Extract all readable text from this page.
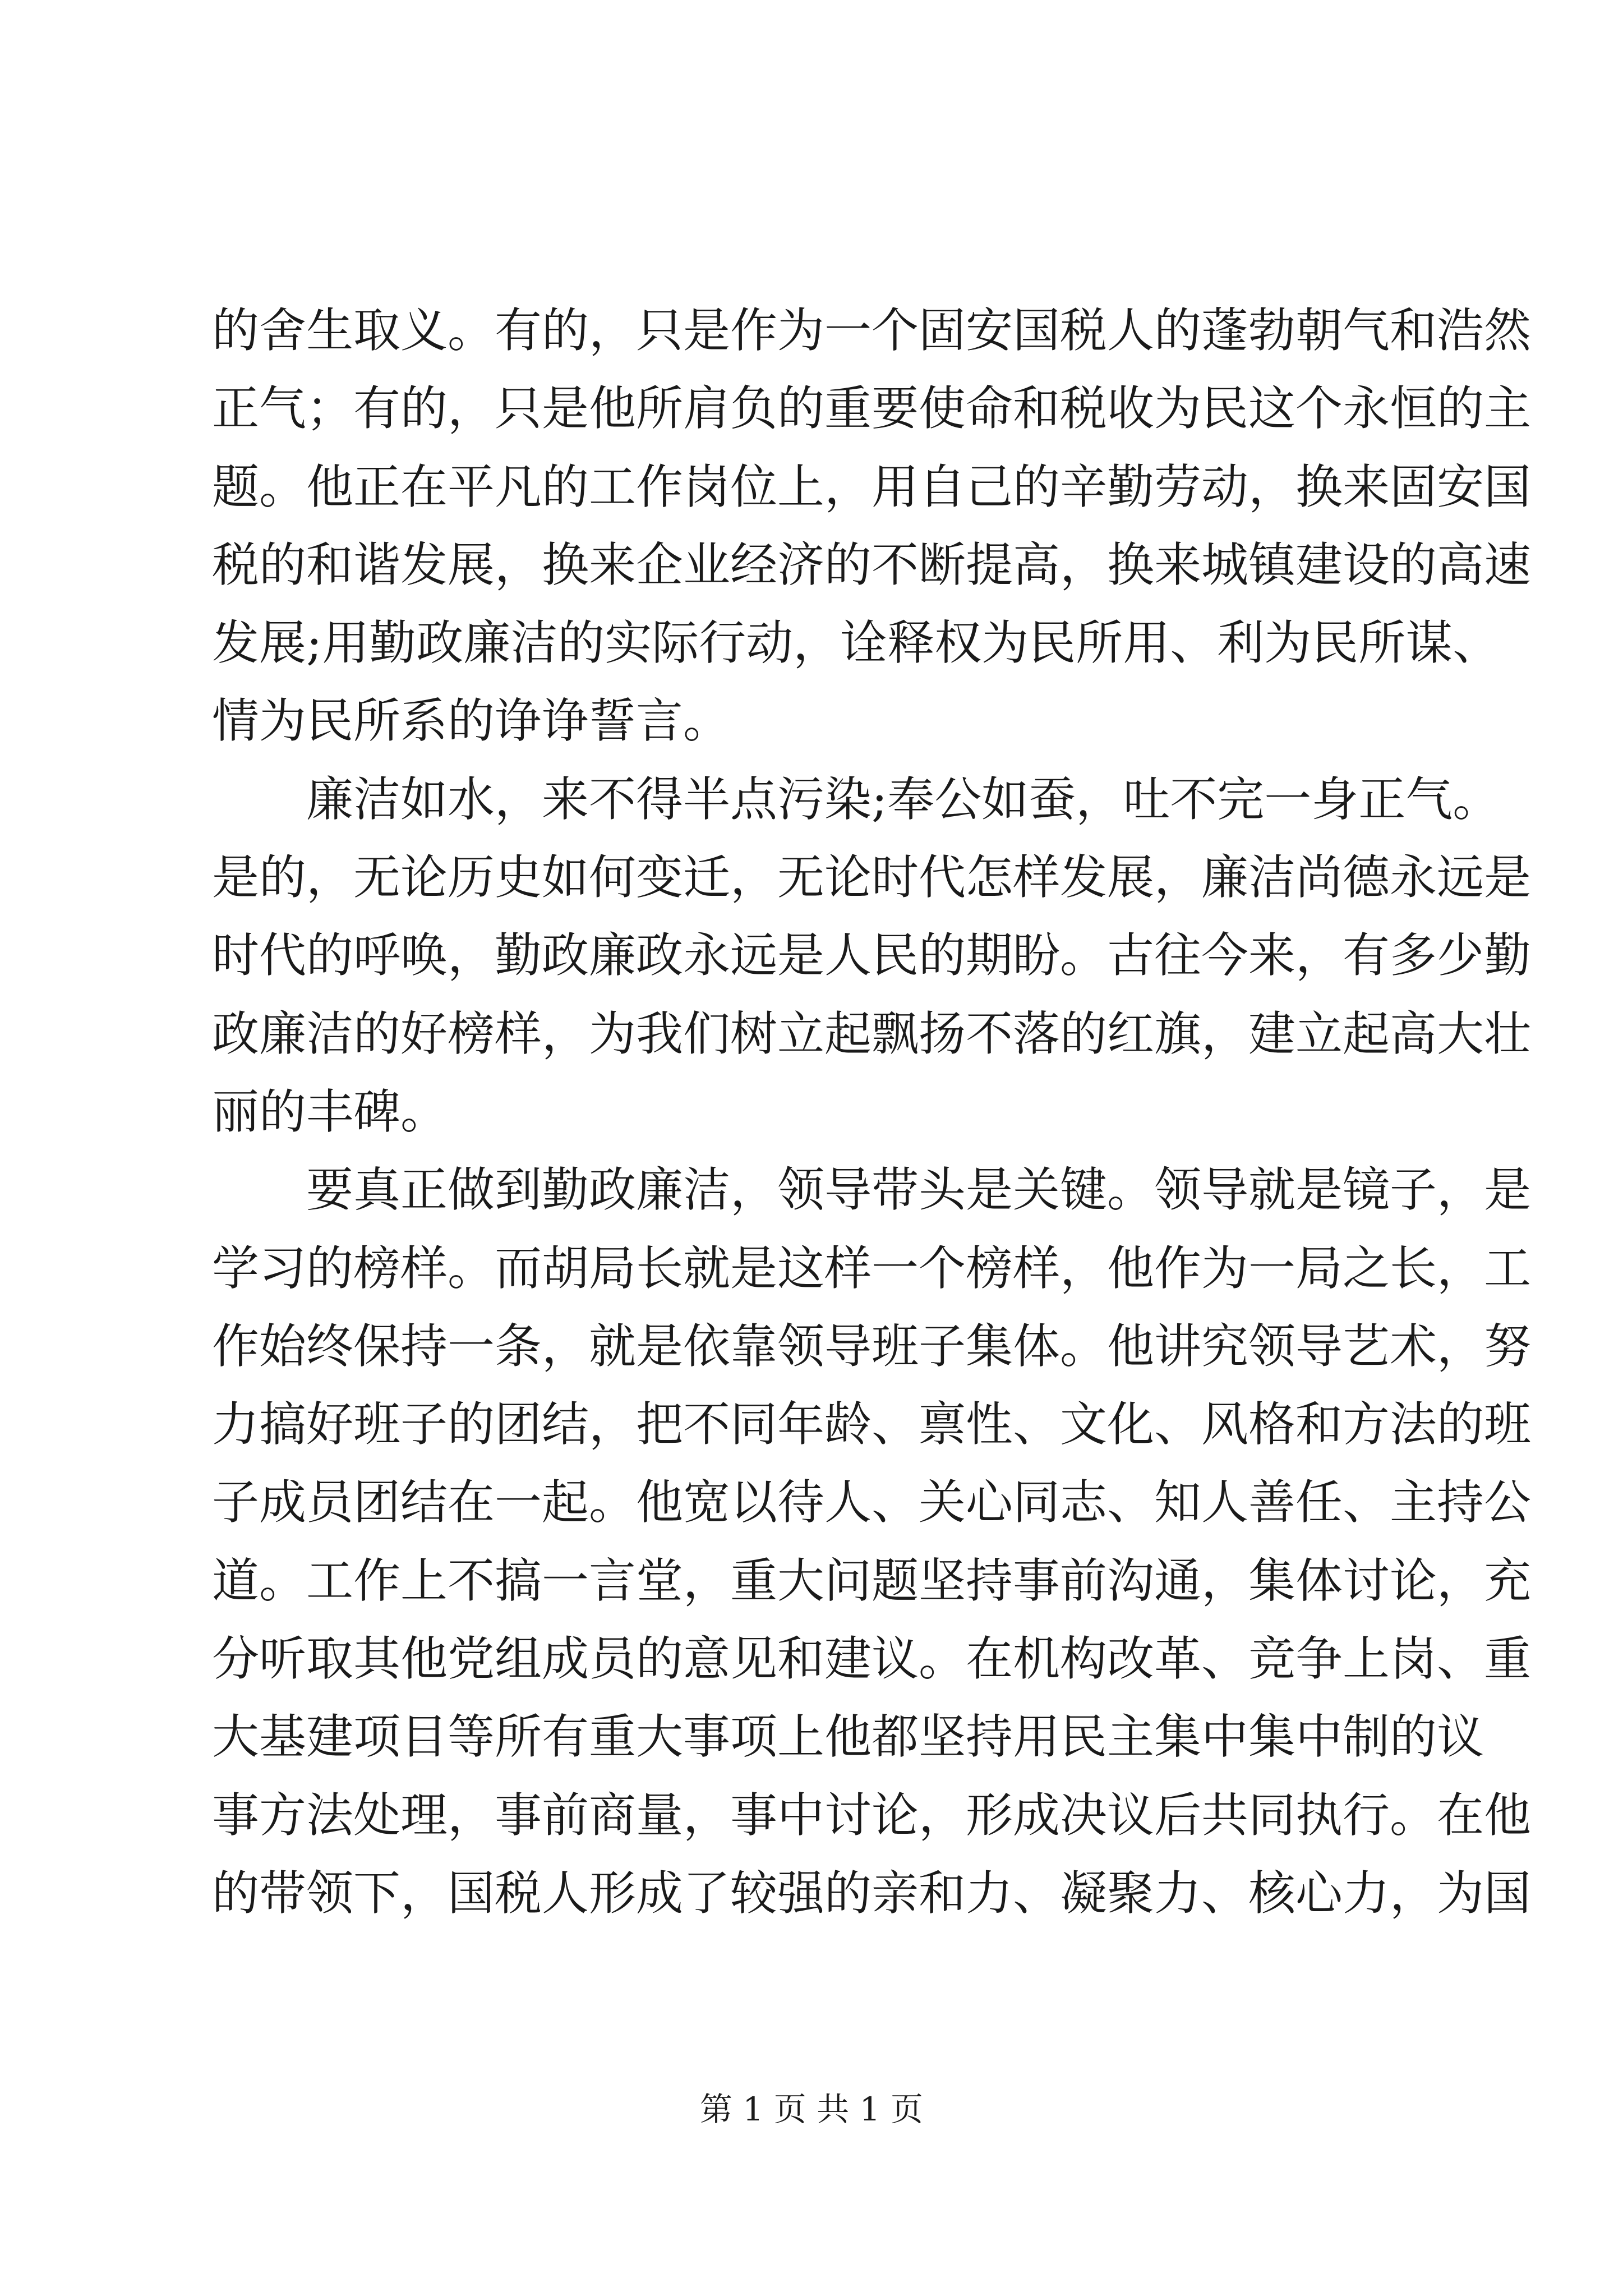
的舍生取义。有的，只是作为一个固安国税人的蓬勃朝气和浩然
正气；有的，只是他所肩负的重要使命和税收为民这个永恒的主
题。他正在平凡的工作岗位上，用自己的辛勤劳动，换来固安国
税的和谐发展，换来企业经济的不断提高，换来城镇建设的高速
发展;用勤政廉洁的实际行动，诠释权为民所用、利为民所谋、
情为民所系的诤诤誓言。
廉洁如水，来不得半点污染;奉公如蚕，吐不完一身正气。
是的，无论历史如何变迁，无论时代怎样发展，廉洁尚德永远是
时代的呼唤，勤政廉政永远是人民的期盼。古往今来，有多少勤
政廉洁的好榜样，为我们树立起飘扬不落的红旗，建立起高大壮
丽的丰碑。
要真正做到勤政廉洁，领导带头是关键。领导就是镜子，是
学习的榜样。而胡局长就是这样一个榜样，他作为一局之长，工
作始终保持一条，就是依靠领导班子集体。他讲究领导艺术，努
力搞好班子的团结，把不同年龄、禀性、文化、风格和方法的班
子成员团结在一起。他宽以待人、关心同志、知人善任、主持公
道。工作上不搞一言堂，重大问题坚持事前沟通，集体讨论，充
分听取其他党组成员的意见和建议。在机构改革、竞争上岗、重
大基建项目等所有重大事项上他都坚持用民主集中集中制的议
事方法处理，事前商量，事中讨论，形成决议后共同执行。在他
的带领下，国税人形成了较强的亲和力、凝聚力、核心力，为国
第 1 页 共 1 页
